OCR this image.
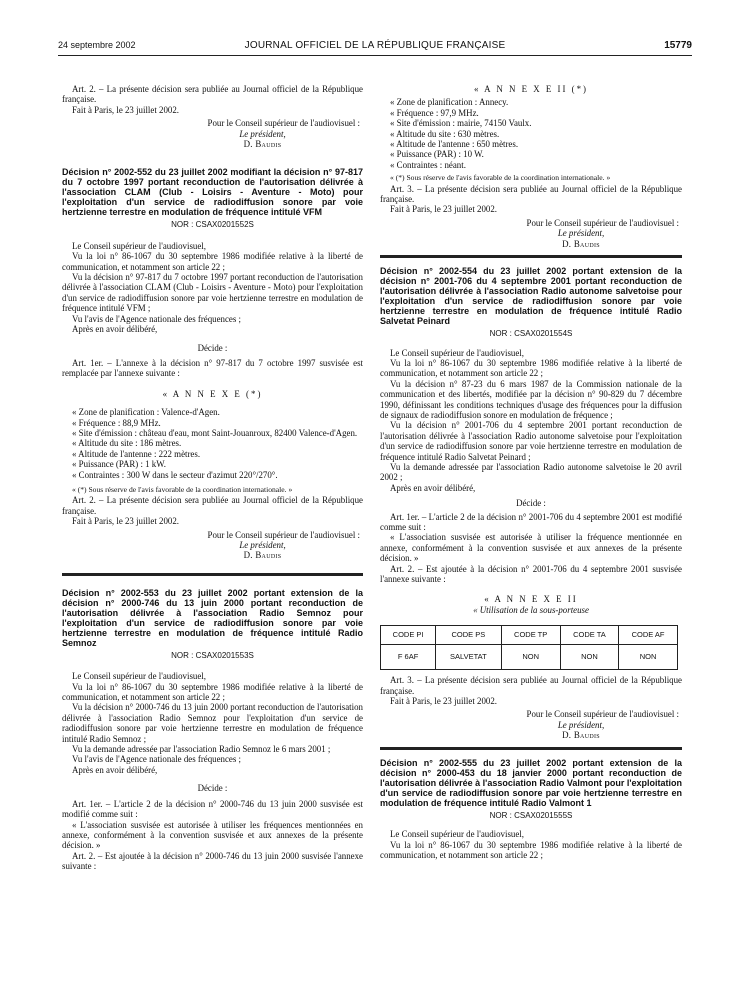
24 septembre 2002	JOURNAL OFFICIEL DE LA RÉPUBLIQUE FRANÇAISE	15779

Art. 2. – La présente décision sera publiée au Journal officiel de la République française.

Fait à Paris, le 23 juillet 2002.

Pour le Conseil supérieur de l'audiovisuel :

Le président,

D. Baudis

Décision n° 2002-552 du 23 juillet 2002 modifiant la décision n° 97-817 du 7 octobre 1997 portant reconduction de l'autorisation délivrée à l'association CLAM (Club - Loisirs - Aventure - Moto) pour l'exploitation d'un service de radiodiffusion sonore par voie hertzienne terrestre en modulation de fréquence intitulé VFM

NOR : CSAX0201552S

Le Conseil supérieur de l'audiovisuel,

Vu la loi n° 86-1067 du 30 septembre 1986 modifiée relative à la liberté de communication, et notamment son article 22 ;

Vu la décision n° 97-817 du 7 octobre 1997 portant reconduction de l'autorisation délivrée à l'association CLAM (Club - Loisirs - Aventure - Moto) pour l'exploitation d'un service de radiodiffusion sonore par voie hertzienne terrestre en modulation de fréquence intitulé VFM ;

Vu l'avis de l'Agence nationale des fréquences ;

Après en avoir délibéré,

Décide :

Art. 1er. – L'annexe à la décision n° 97-817 du 7 octobre 1997 susvisée est remplacée par l'annexe suivante :

« A N N E X E (*)

« Zone de planification : Valence-d'Agen.

« Fréquence : 88,9 MHz.

« Site d'émission : château d'eau, mont Saint-Jouanroux, 82400 Valence-d'Agen.

« Altitude du site : 186 mètres.

« Altitude de l'antenne : 222 mètres.

« Puissance (PAR) : 1 kW.

« Contraintes : 300 W dans le secteur d'azimut 220°/270°.

« (*) Sous réserve de l'avis favorable de la coordination internationale. »

Art. 2. – La présente décision sera publiée au Journal officiel de la République française.

Fait à Paris, le 23 juillet 2002.

Pour le Conseil supérieur de l'audiovisuel :

Le président,

D. Baudis

Décision n° 2002-553 du 23 juillet 2002 portant extension de la décision n° 2000-746 du 13 juin 2000 portant reconduction de l'autorisation délivrée à l'association Radio Semnoz pour l'exploitation d'un service de radiodiffusion sonore par voie hertzienne terrestre en modulation de fréquence intitulé Radio Semnoz

NOR : CSAX0201553S

Le Conseil supérieur de l'audiovisuel,

Vu la loi n° 86-1067 du 30 septembre 1986 modifiée relative à la liberté de communication, et notamment son article 22 ;

Vu la décision n° 2000-746 du 13 juin 2000 portant reconduction de l'autorisation délivrée à l'association Radio Semnoz pour l'exploitation d'un service de radiodiffusion sonore par voie hertzienne terrestre en modulation de fréquence intitulé Radio Semnoz ;

Vu la demande adressée par l'association Radio Semnoz le 6 mars 2001 ;

Vu l'avis de l'Agence nationale des fréquences ;

Après en avoir délibéré,

Décide :

Art. 1er. – L'article 2 de la décision n° 2000-746 du 13 juin 2000 susvisée est modifié comme suit :

« L'association susvisée est autorisée à utiliser les fréquences mentionnées en annexe, conformément à la convention susvisée et aux annexes de la présente décision. »

Art. 2. – Est ajoutée à la décision n° 2000-746 du 13 juin 2000 susvisée l'annexe suivante :

« A N N E X E II (*)

« Zone de planification : Annecy.

« Fréquence : 97,9 MHz.

« Site d'émission : mairie, 74150 Vaulx.

« Altitude du site : 630 mètres.

« Altitude de l'antenne : 650 mètres.

« Puissance (PAR) : 10 W.

« Contraintes : néant.

« (*) Sous réserve de l'avis favorable de la coordination internationale. »

Art. 3. – La présente décision sera publiée au Journal officiel de la République française.

Fait à Paris, le 23 juillet 2002.

Pour le Conseil supérieur de l'audiovisuel :

Le président,

D. Baudis

Décision n° 2002-554 du 23 juillet 2002 portant extension de la décision n° 2001-706 du 4 septembre 2001 portant reconduction de l'autorisation délivrée à l'association Radio autonome salvetoise pour l'exploitation d'un service de radiodiffusion sonore par voie hertzienne terrestre en modulation de fréquence intitulé Radio Salvetat Peinard

NOR : CSAX0201554S

Le Conseil supérieur de l'audiovisuel,

Vu la loi n° 86-1067 du 30 septembre 1986 modifiée relative à la liberté de communication, et notamment son article 22 ;

Vu la décision n° 87-23 du 6 mars 1987 de la Commission nationale de la communication et des libertés, modifiée par la décision n° 90-829 du 7 décembre 1990, définissant les conditions techniques d'usage des fréquences pour la diffusion de signaux de radiodiffusion sonore en modulation de fréquence ;

Vu la décision n° 2001-706 du 4 septembre 2001 portant reconduction de l'autorisation délivrée à l'association Radio autonome salvetoise pour l'exploitation d'un service de radiodiffusion sonore par voie hertzienne terrestre en modulation de fréquence intitulé Radio Salvetat Peinard ;

Vu la demande adressée par l'association Radio autonome salvetoise le 20 avril 2002 ;

Après en avoir délibéré,

Décide :

Art. 1er. – L'article 2 de la décision n° 2001-706 du 4 septembre 2001 est modifié comme suit :

« L'association susvisée est autorisée à utiliser la fréquence mentionnée en annexe, conformément à la convention susvisée et aux annexes de la présente décision. »

Art. 2. – Est ajoutée à la décision n° 2001-706 du 4 septembre 2001 susvisée l'annexe suivante :

« A N N E X E II

« Utilisation de la sous-porteuse

CODE PI	CODE PS	CODE TP	CODE TA	CODE AF
F 6AF	SALVETAT	NON	NON	NON

Art. 3. – La présente décision sera publiée au Journal officiel de la République française.

Fait à Paris, le 23 juillet 2002.

Pour le Conseil supérieur de l'audiovisuel :

Le président,

D. Baudis

Décision n° 2002-555 du 23 juillet 2002 portant extension de la décision n° 2000-453 du 18 janvier 2000 portant reconduction de l'autorisation délivrée à l'association Radio Valmont pour l'exploitation d'un service de radiodiffusion sonore par voie hertzienne terrestre en modulation de fréquence intitulé Radio Valmont 1

NOR : CSAX0201555S

Le Conseil supérieur de l'audiovisuel,

Vu la loi n° 86-1067 du 30 septembre 1986 modifiée relative à la liberté de communication, et notamment son article 22 ;
